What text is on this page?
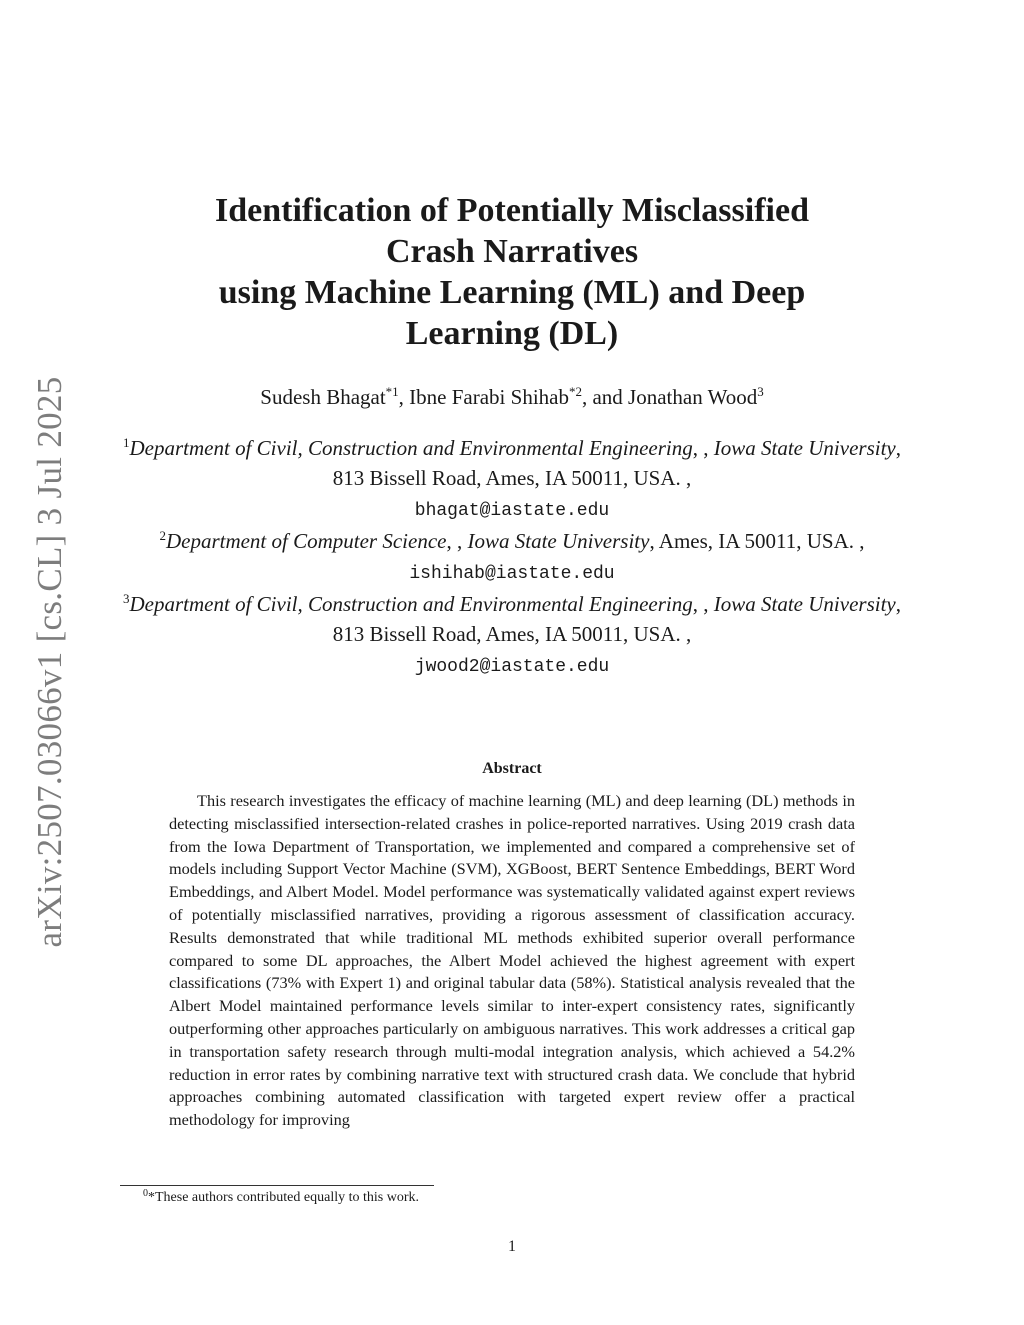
arXiv:2507.03066v1 [cs.CL] 3 Jul 2025
Identification of Potentially Misclassified
Crash Narratives
using Machine Learning (ML) and Deep
Learning (DL)
Sudesh Bhagat$^{*1}$, Ibne Farabi Shihab$^{*2}$, and Jonathan Wood$^3$

$^1$Department of Civil, Construction and Environmental Engineering, , Iowa State University, 813 Bissell Road, Ames, IA 50011, USA. ,
bhagat@iastate.edu

$^2$Department of Computer Science, , Iowa State University, Ames, IA 50011, USA. , ishihab@iastate.edu

$^3$Department of Civil, Construction and Environmental Engineering, , Iowa State University, 813 Bissell Road, Ames, IA 50011, USA. ,
jwood2@iastate.edu

Abstract

This research investigates the efficacy of machine learning (ML) and deep learning (DL) methods in detecting misclassified intersection-related crashes in police-reported narratives. Using 2019 crash data from the Iowa Department of Transportation, we implemented and compared a comprehensive set of models including Support Vector Machine (SVM), XGBoost, BERT Sentence Embeddings, BERT Word Embeddings, and Albert Model. Model performance was systematically validated against expert reviews of potentially misclassified narratives, providing a rigorous assessment of classification accuracy. Results demonstrated that while traditional ML methods exhibited superior overall performance compared to some DL approaches, the Albert Model achieved the highest agreement with expert classifications (73% with Expert 1) and original tabular data (58%). Statistical analysis revealed that the Albert Model maintained performance levels similar to inter-expert consistency rates, significantly outperforming other approaches particularly on ambiguous narratives. This work addresses a critical gap in transportation safety research through multi-modal integration analysis, which achieved a 54.2% reduction in error rates by combining narrative text with structured crash data. We conclude that hybrid approaches combining automated classification with targeted expert review offer a practical methodology for improving

$^0$*These authors contributed equally to this work.
1
